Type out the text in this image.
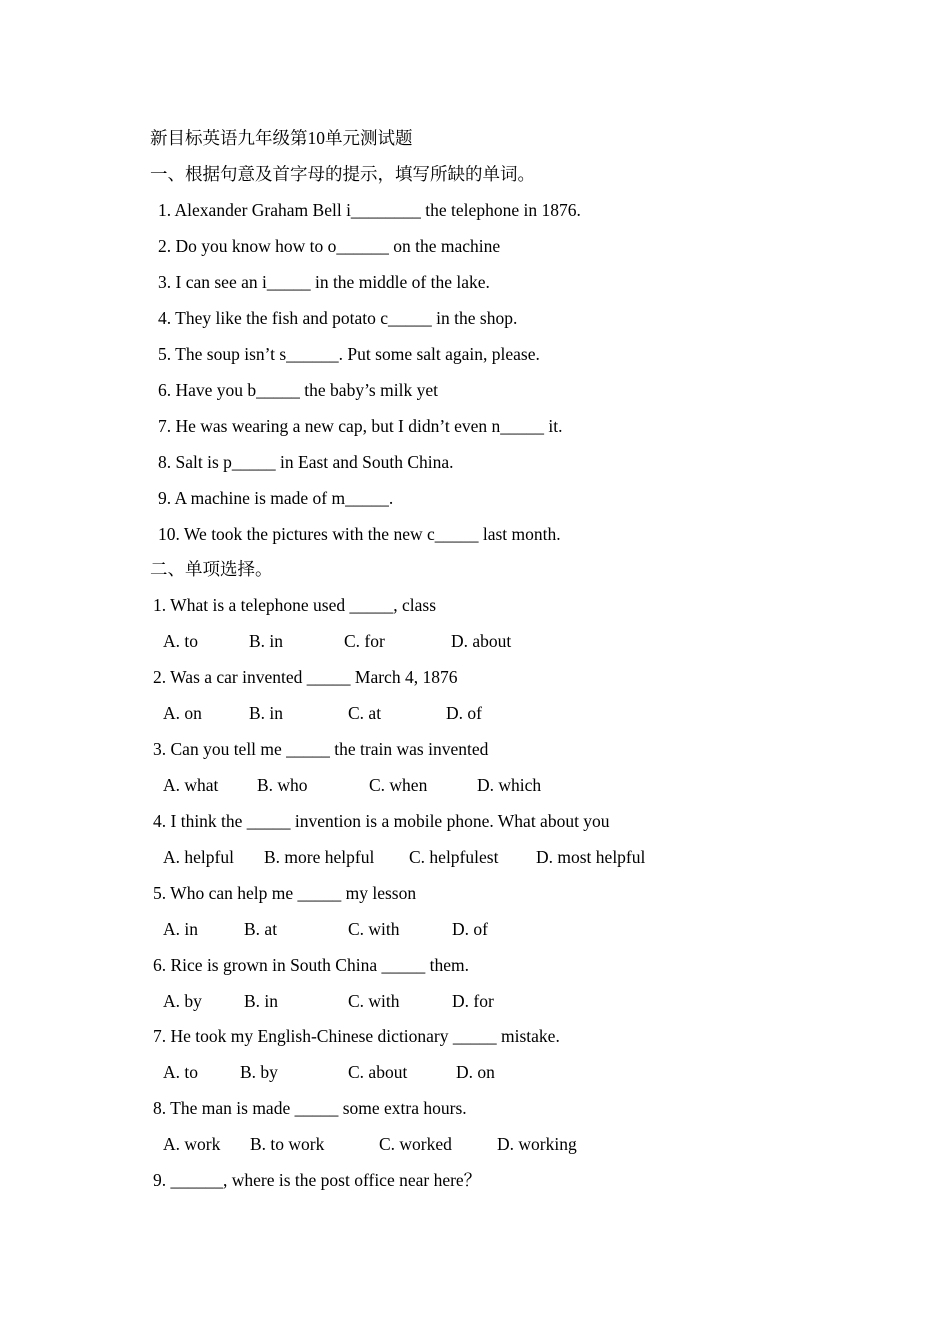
新目标英语九年级第10单元测试题
一、根据句意及首字母的提示，填写所缺的单词。
1. Alexander Graham Bell i________ the telephone in 1876.
2. Do you know how to o______ on the machine
3. I can see an i_____ in the middle of the lake.
4. They like the fish and potato c_____ in the shop.
5. The soup isn’t s______. Put some salt again, please.
6. Have you b_____ the baby’s milk yet
7. He was wearing a new cap, but I didn’t even n_____ it.
8. Salt is p_____ in East and South China.
9. A machine is made of m_____.
10. We took the pictures with the new c_____ last month.
二、单项选择。
1. What is a telephone used _____, class
A. to	B. in	C. for	D. about
2. Was a car invented _____ March 4, 1876
A. on	B. in	C. at	D. of
3. Can you tell me _____ the train was invented
A. what B. who	C. when	D. which
4. I think the _____ invention is a mobile phone. What about you
A. helpful B. more helpful C. helpfulest D. most helpful
5. Who can help me _____ my lesson
A. in	B. at	C. with	D. of
6. Rice is grown in South China _____ them.
A. by B. in	C. with	D. for
7. He took my English-Chinese dictionary _____ mistake.
A. to B. by	C. about	D. on
8. The man is made _____ some extra hours.
A. work B. to work	C. worked	D. working
9. ______, where is the post office near here？
